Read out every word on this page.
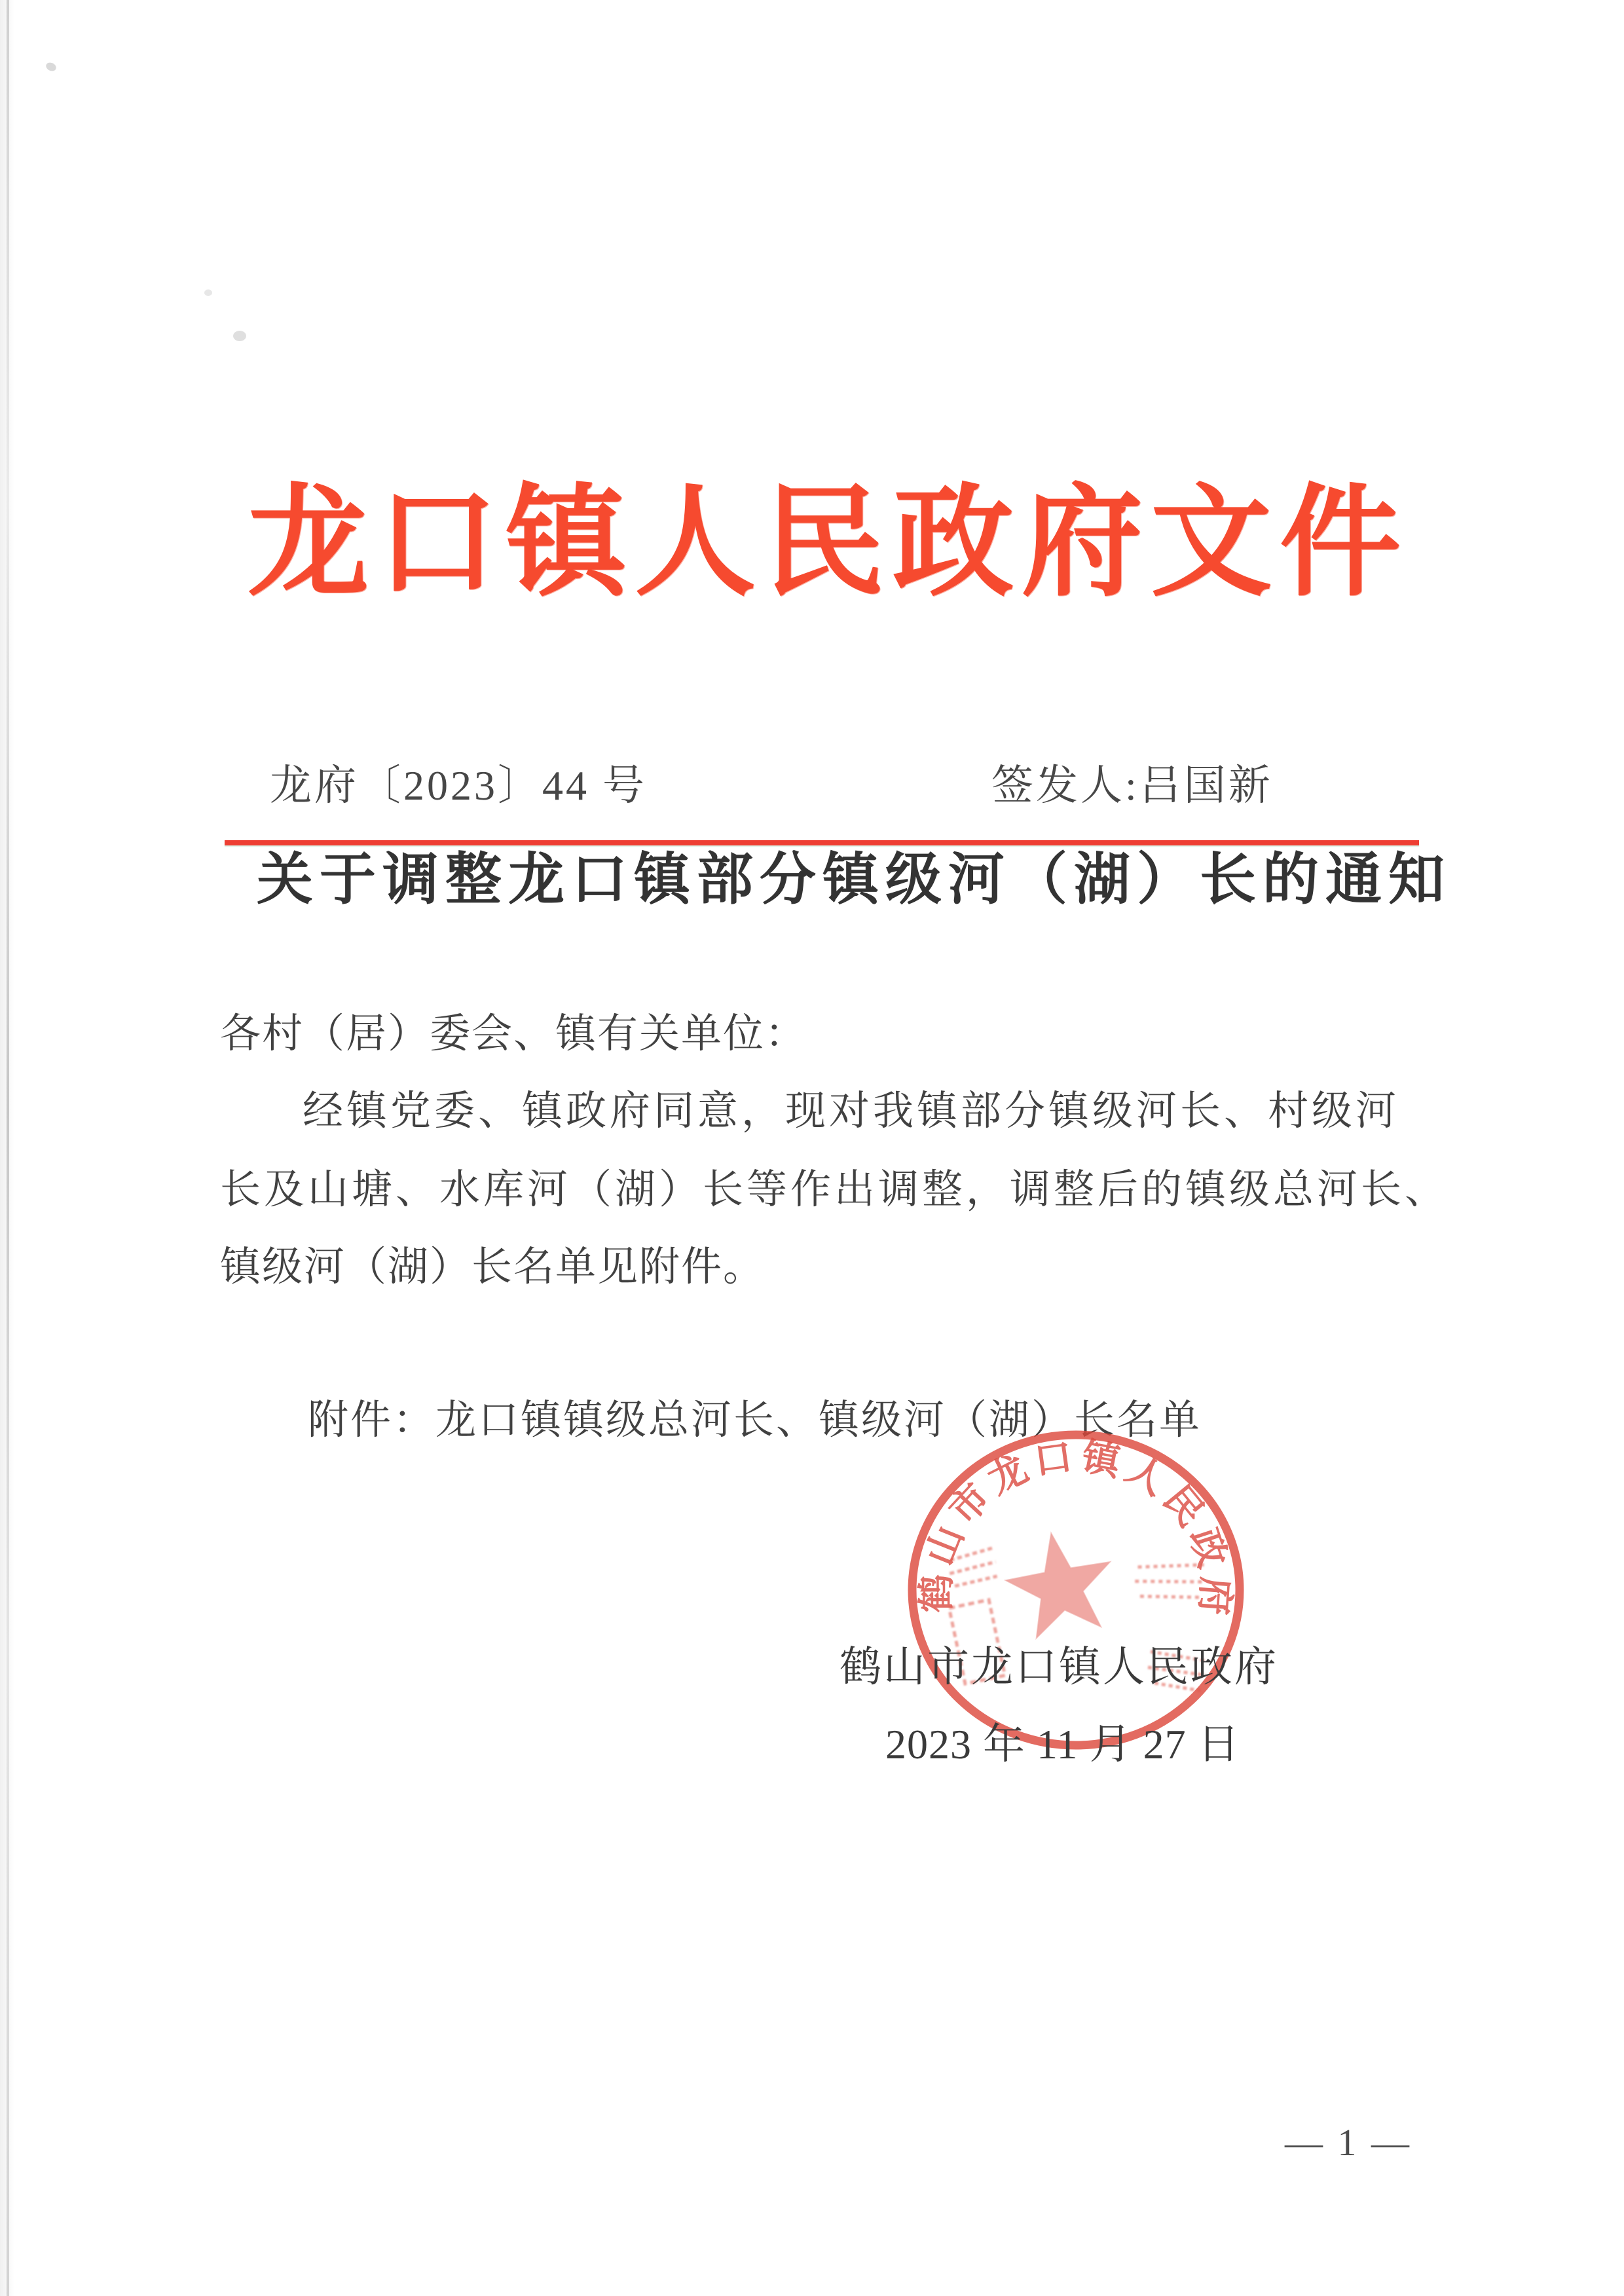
龙口镇人民政府文件
龙府〔2023〕44 号	签发人:吕国新
关于调整龙口镇部分镇级河（湖）长的通知
各村（居）委会、镇有关单位：
经镇党委、镇政府同意，现对我镇部分镇级河长、村级河
长及山塘、水库河（湖）长等作出调整，调整后的镇级总河长、
镇级河（湖）长名单见附件。
附件：龙口镇镇级总河长、镇级河（湖）长名单
鹤山市龙口镇人民政府
鹤山市龙口镇人民政府
2023 年 11 月 27 日
— 1 —
